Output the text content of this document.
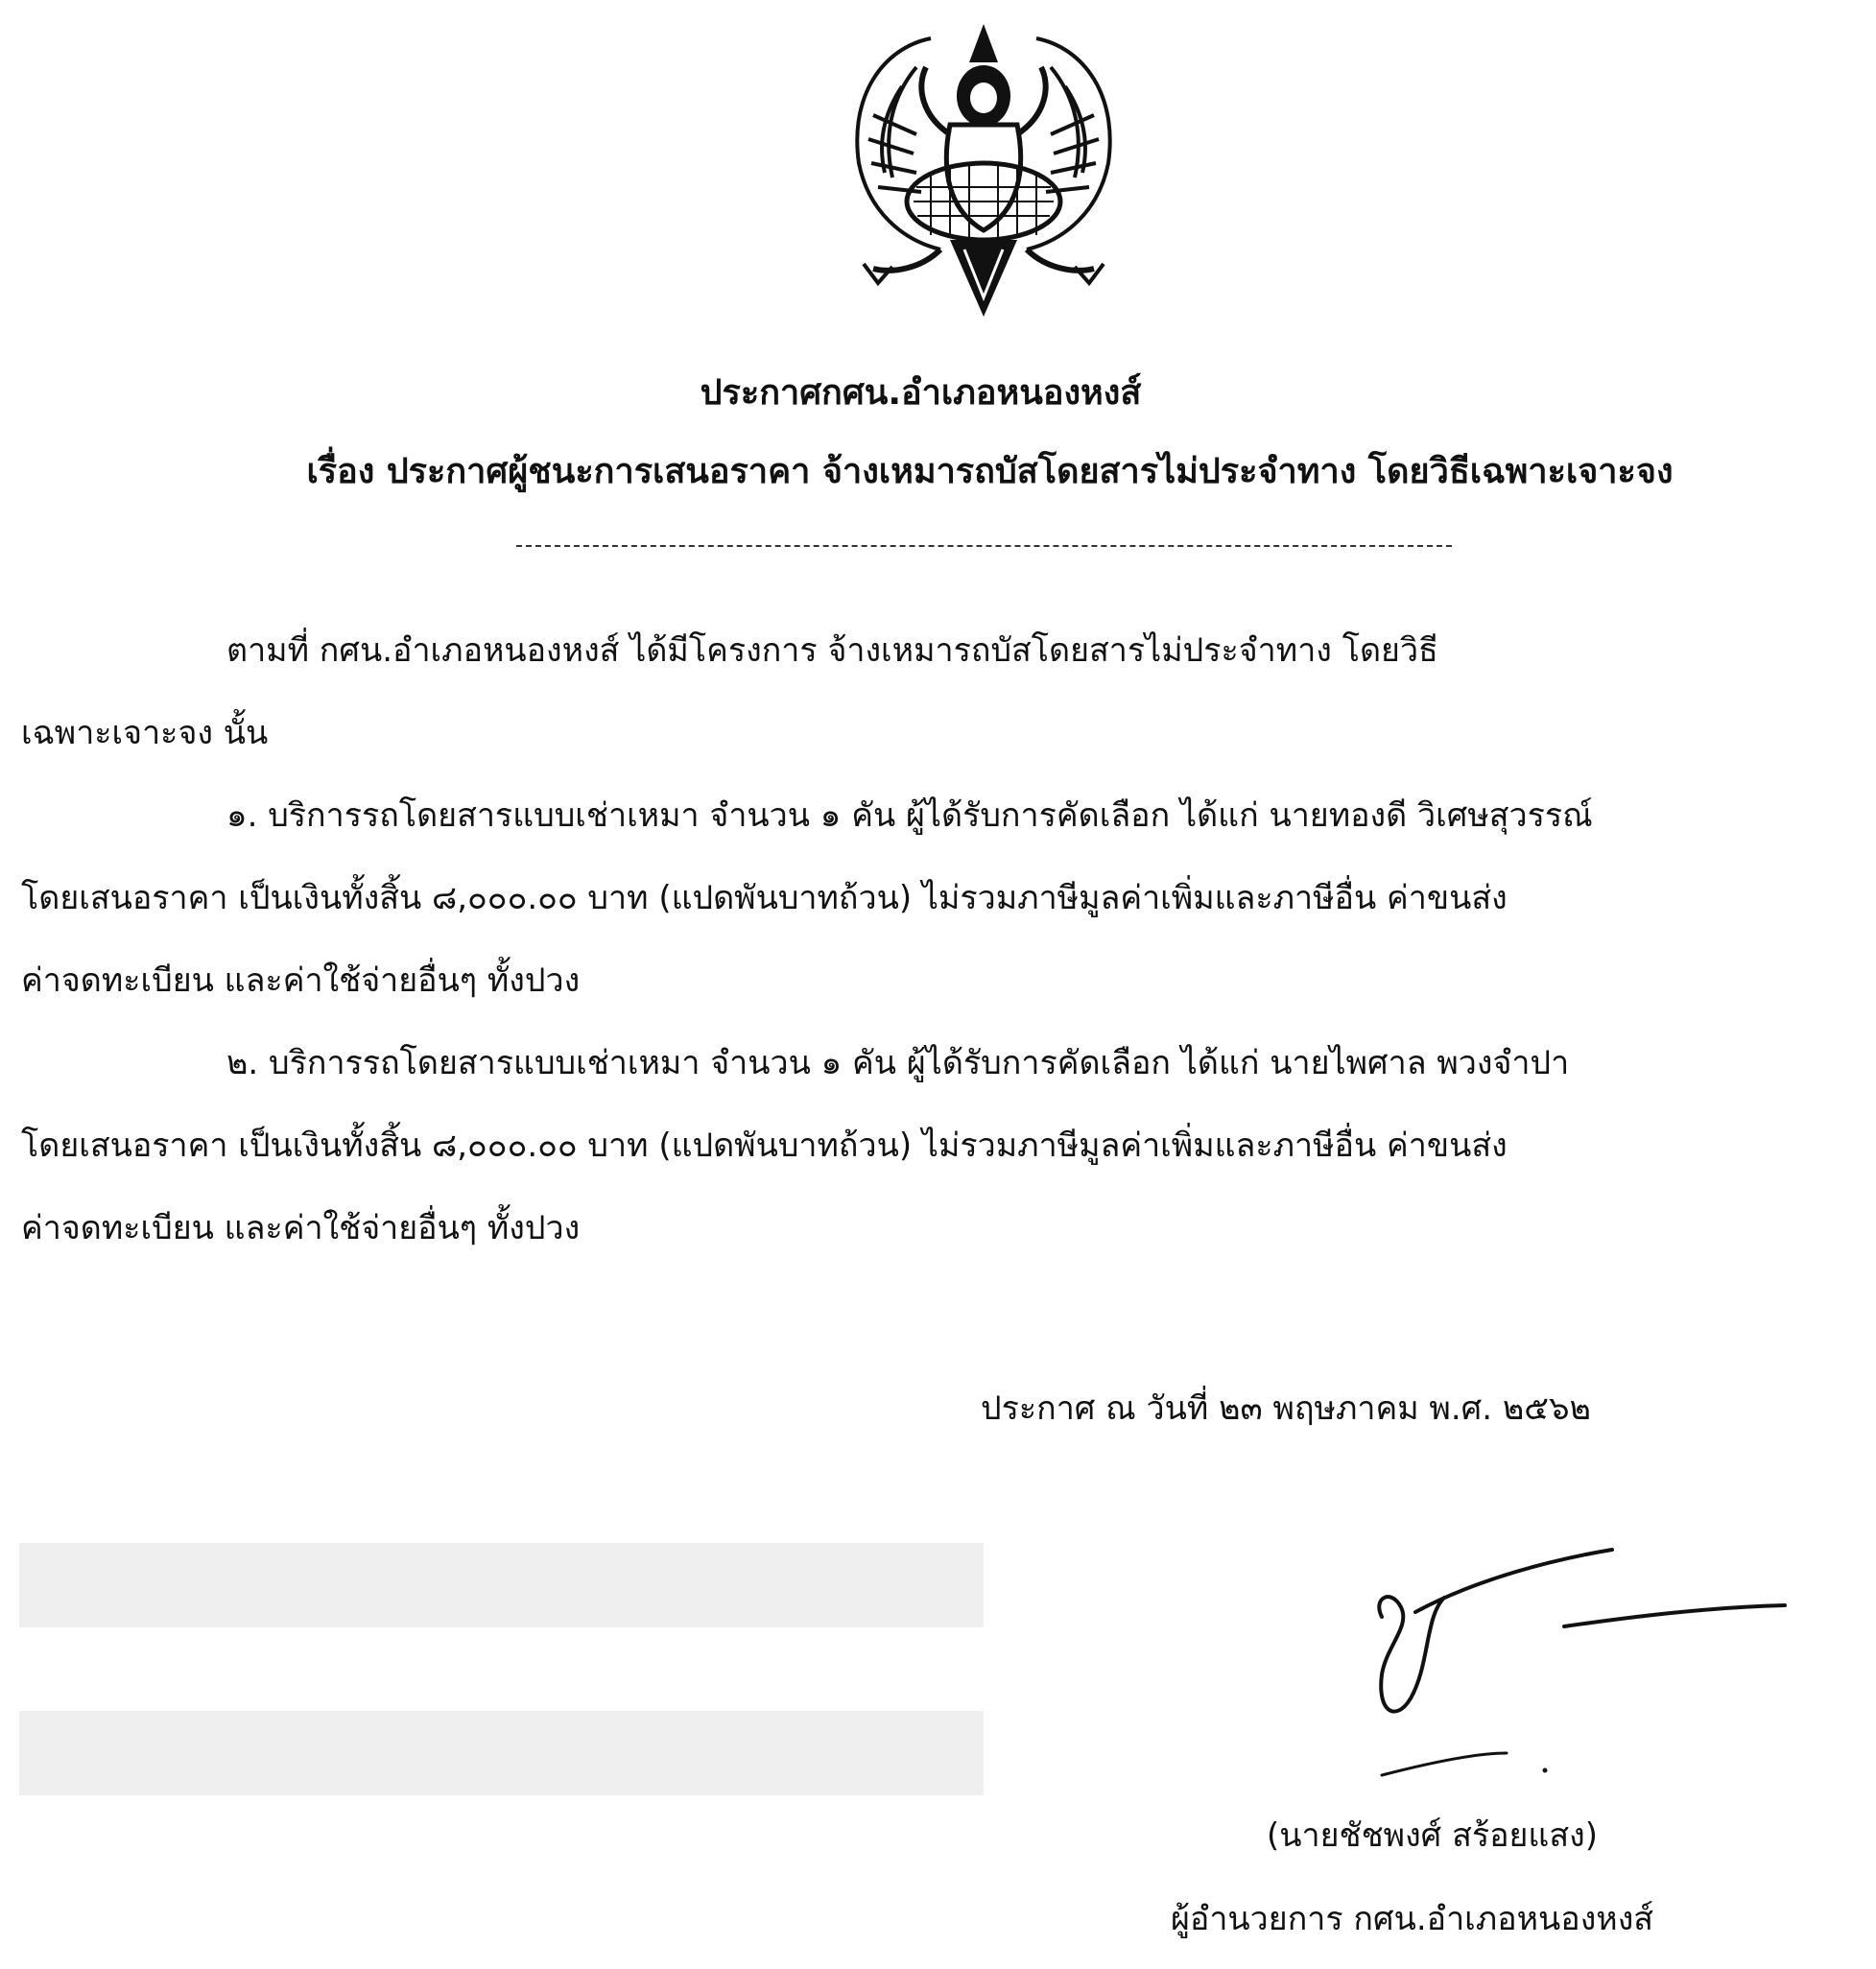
ประกาศกศน.อำเภอหนองหงส์
เรื่อง ประกาศผู้ชนะการเสนอราคา จ้างเหมารถบัสโดยสารไม่ประจำทาง โดยวิธีเฉพาะเจาะจง
ตามที่ กศน.อำเภอหนองหงส์ ได้มีโครงการ จ้างเหมารถบัสโดยสารไม่ประจำทาง โดยวิธี
เฉพาะเจาะจง นั้น
๑. บริการรถโดยสารแบบเช่าเหมา จำนวน ๑ คัน ผู้ได้รับการคัดเลือก ได้แก่ นายทองดี วิเศษสุวรรณ์
โดยเสนอราคา เป็นเงินทั้งสิ้น ๘,๐๐๐.๐๐ บาท (แปดพันบาทถ้วน) ไม่รวมภาษีมูลค่าเพิ่มและภาษีอื่น ค่าขนส่ง
ค่าจดทะเบียน และค่าใช้จ่ายอื่นๆ ทั้งปวง
๒. บริการรถโดยสารแบบเช่าเหมา จำนวน ๑ คัน ผู้ได้รับการคัดเลือก ได้แก่ นายไพศาล พวงจำปา
โดยเสนอราคา เป็นเงินทั้งสิ้น ๘,๐๐๐.๐๐ บาท (แปดพันบาทถ้วน) ไม่รวมภาษีมูลค่าเพิ่มและภาษีอื่น ค่าขนส่ง
ค่าจดทะเบียน และค่าใช้จ่ายอื่นๆ ทั้งปวง
ประกาศ ณ วันที่ ๒๓ พฤษภาคม พ.ศ. ๒๕๖๒
(นายชัชพงศ์ สร้อยแสง)
ผู้อำนวยการ กศน.อำเภอหนองหงส์
